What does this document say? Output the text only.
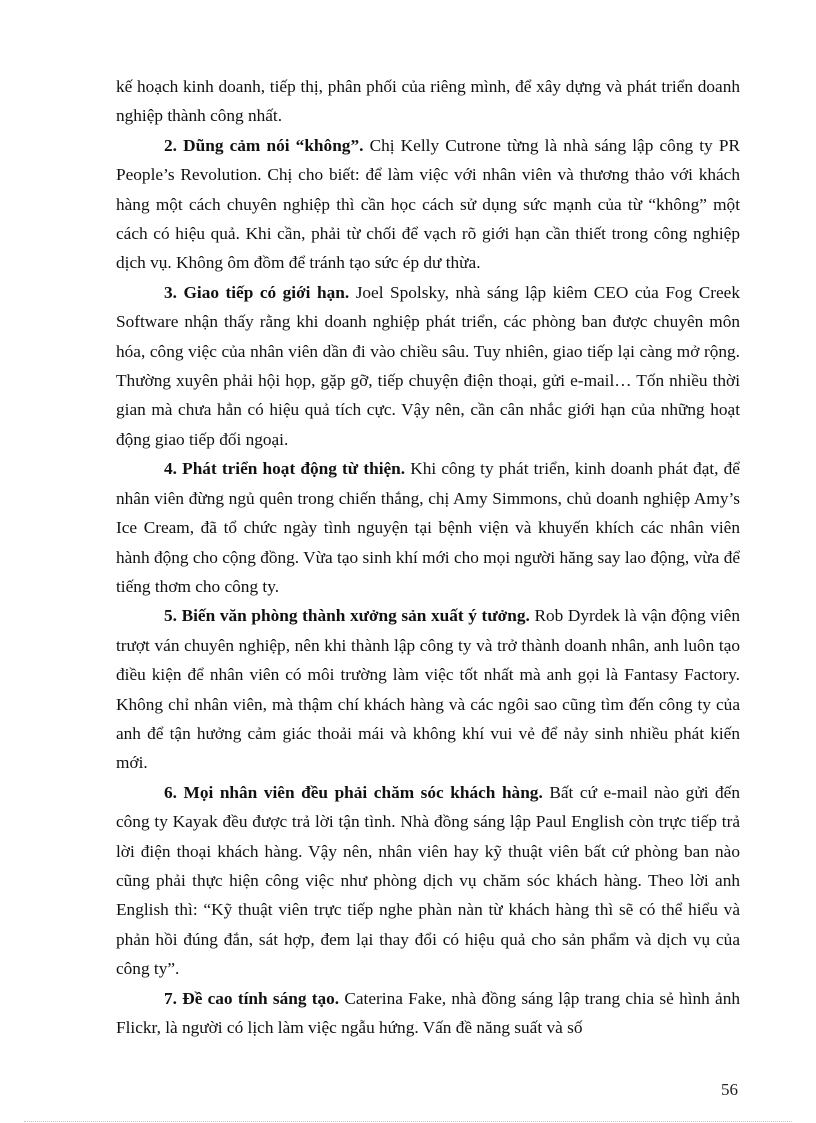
kế hoạch kinh doanh, tiếp thị, phân phối của riêng mình, để xây dựng và phát triển doanh nghiệp thành công nhất.

2. Dũng cảm nói “không”. Chị Kelly Cutrone từng là nhà sáng lập công ty PR People’s Revolution. Chị cho biết: để làm việc với nhân viên và thương thảo với khách hàng một cách chuyên nghiệp thì cần học cách sử dụng sức mạnh của từ “không” một cách có hiệu quả. Khi cần, phải từ chối để vạch rõ giới hạn cần thiết trong công nghiệp dịch vụ. Không ôm đồm để tránh tạo sức ép dư thừa.

3. Giao tiếp có giới hạn. Joel Spolsky, nhà sáng lập kiêm CEO của Fog Creek Software nhận thấy rằng khi doanh nghiệp phát triển, các phòng ban được chuyên môn hóa, công việc của nhân viên dần đi vào chiều sâu. Tuy nhiên, giao tiếp lại càng mở rộng. Thường xuyên phải hội họp, gặp gỡ, tiếp chuyện điện thoại, gửi e-mail… Tốn nhiều thời gian mà chưa hẳn có hiệu quả tích cực. Vậy nên, cần cân nhắc giới hạn của những hoạt động giao tiếp đối ngoại.

4. Phát triển hoạt động từ thiện. Khi công ty phát triển, kinh doanh phát đạt, để nhân viên đừng ngủ quên trong chiến thắng, chị Amy Simmons, chủ doanh nghiệp Amy’s Ice Cream, đã tổ chức ngày tình nguyện tại bệnh viện và khuyến khích các nhân viên hành động cho cộng đồng. Vừa tạo sinh khí mới cho mọi người hăng say lao động, vừa để tiếng thơm cho công ty.

5. Biến văn phòng thành xưởng sản xuất ý tưởng. Rob Dyrdek là vận động viên trượt ván chuyên nghiệp, nên khi thành lập công ty và trở thành doanh nhân, anh luôn tạo điều kiện để nhân viên có môi trường làm việc tốt nhất mà anh gọi là Fantasy Factory. Không chỉ nhân viên, mà thậm chí khách hàng và các ngôi sao cũng tìm đến công ty của anh để tận hưởng cảm giác thoải mái và không khí vui vẻ để nảy sinh nhiều phát kiến mới.

6. Mọi nhân viên đều phải chăm sóc khách hàng. Bất cứ e-mail nào gửi đến công ty Kayak đều được trả lời tận tình. Nhà đồng sáng lập Paul English còn trực tiếp trả lời điện thoại khách hàng. Vậy nên, nhân viên hay kỹ thuật viên bất cứ phòng ban nào cũng phải thực hiện công việc như phòng dịch vụ chăm sóc khách hàng. Theo lời anh English thì: “Kỹ thuật viên trực tiếp nghe phàn nàn từ khách hàng thì sẽ có thể hiểu và phản hồi đúng đắn, sát hợp, đem lại thay đổi có hiệu quả cho sản phẩm và dịch vụ của công ty”.

7. Đề cao tính sáng tạo. Caterina Fake, nhà đồng sáng lập trang chia sẻ hình ảnh Flickr, là người có lịch làm việc ngẫu hứng. Vấn đề năng suất và số

56
